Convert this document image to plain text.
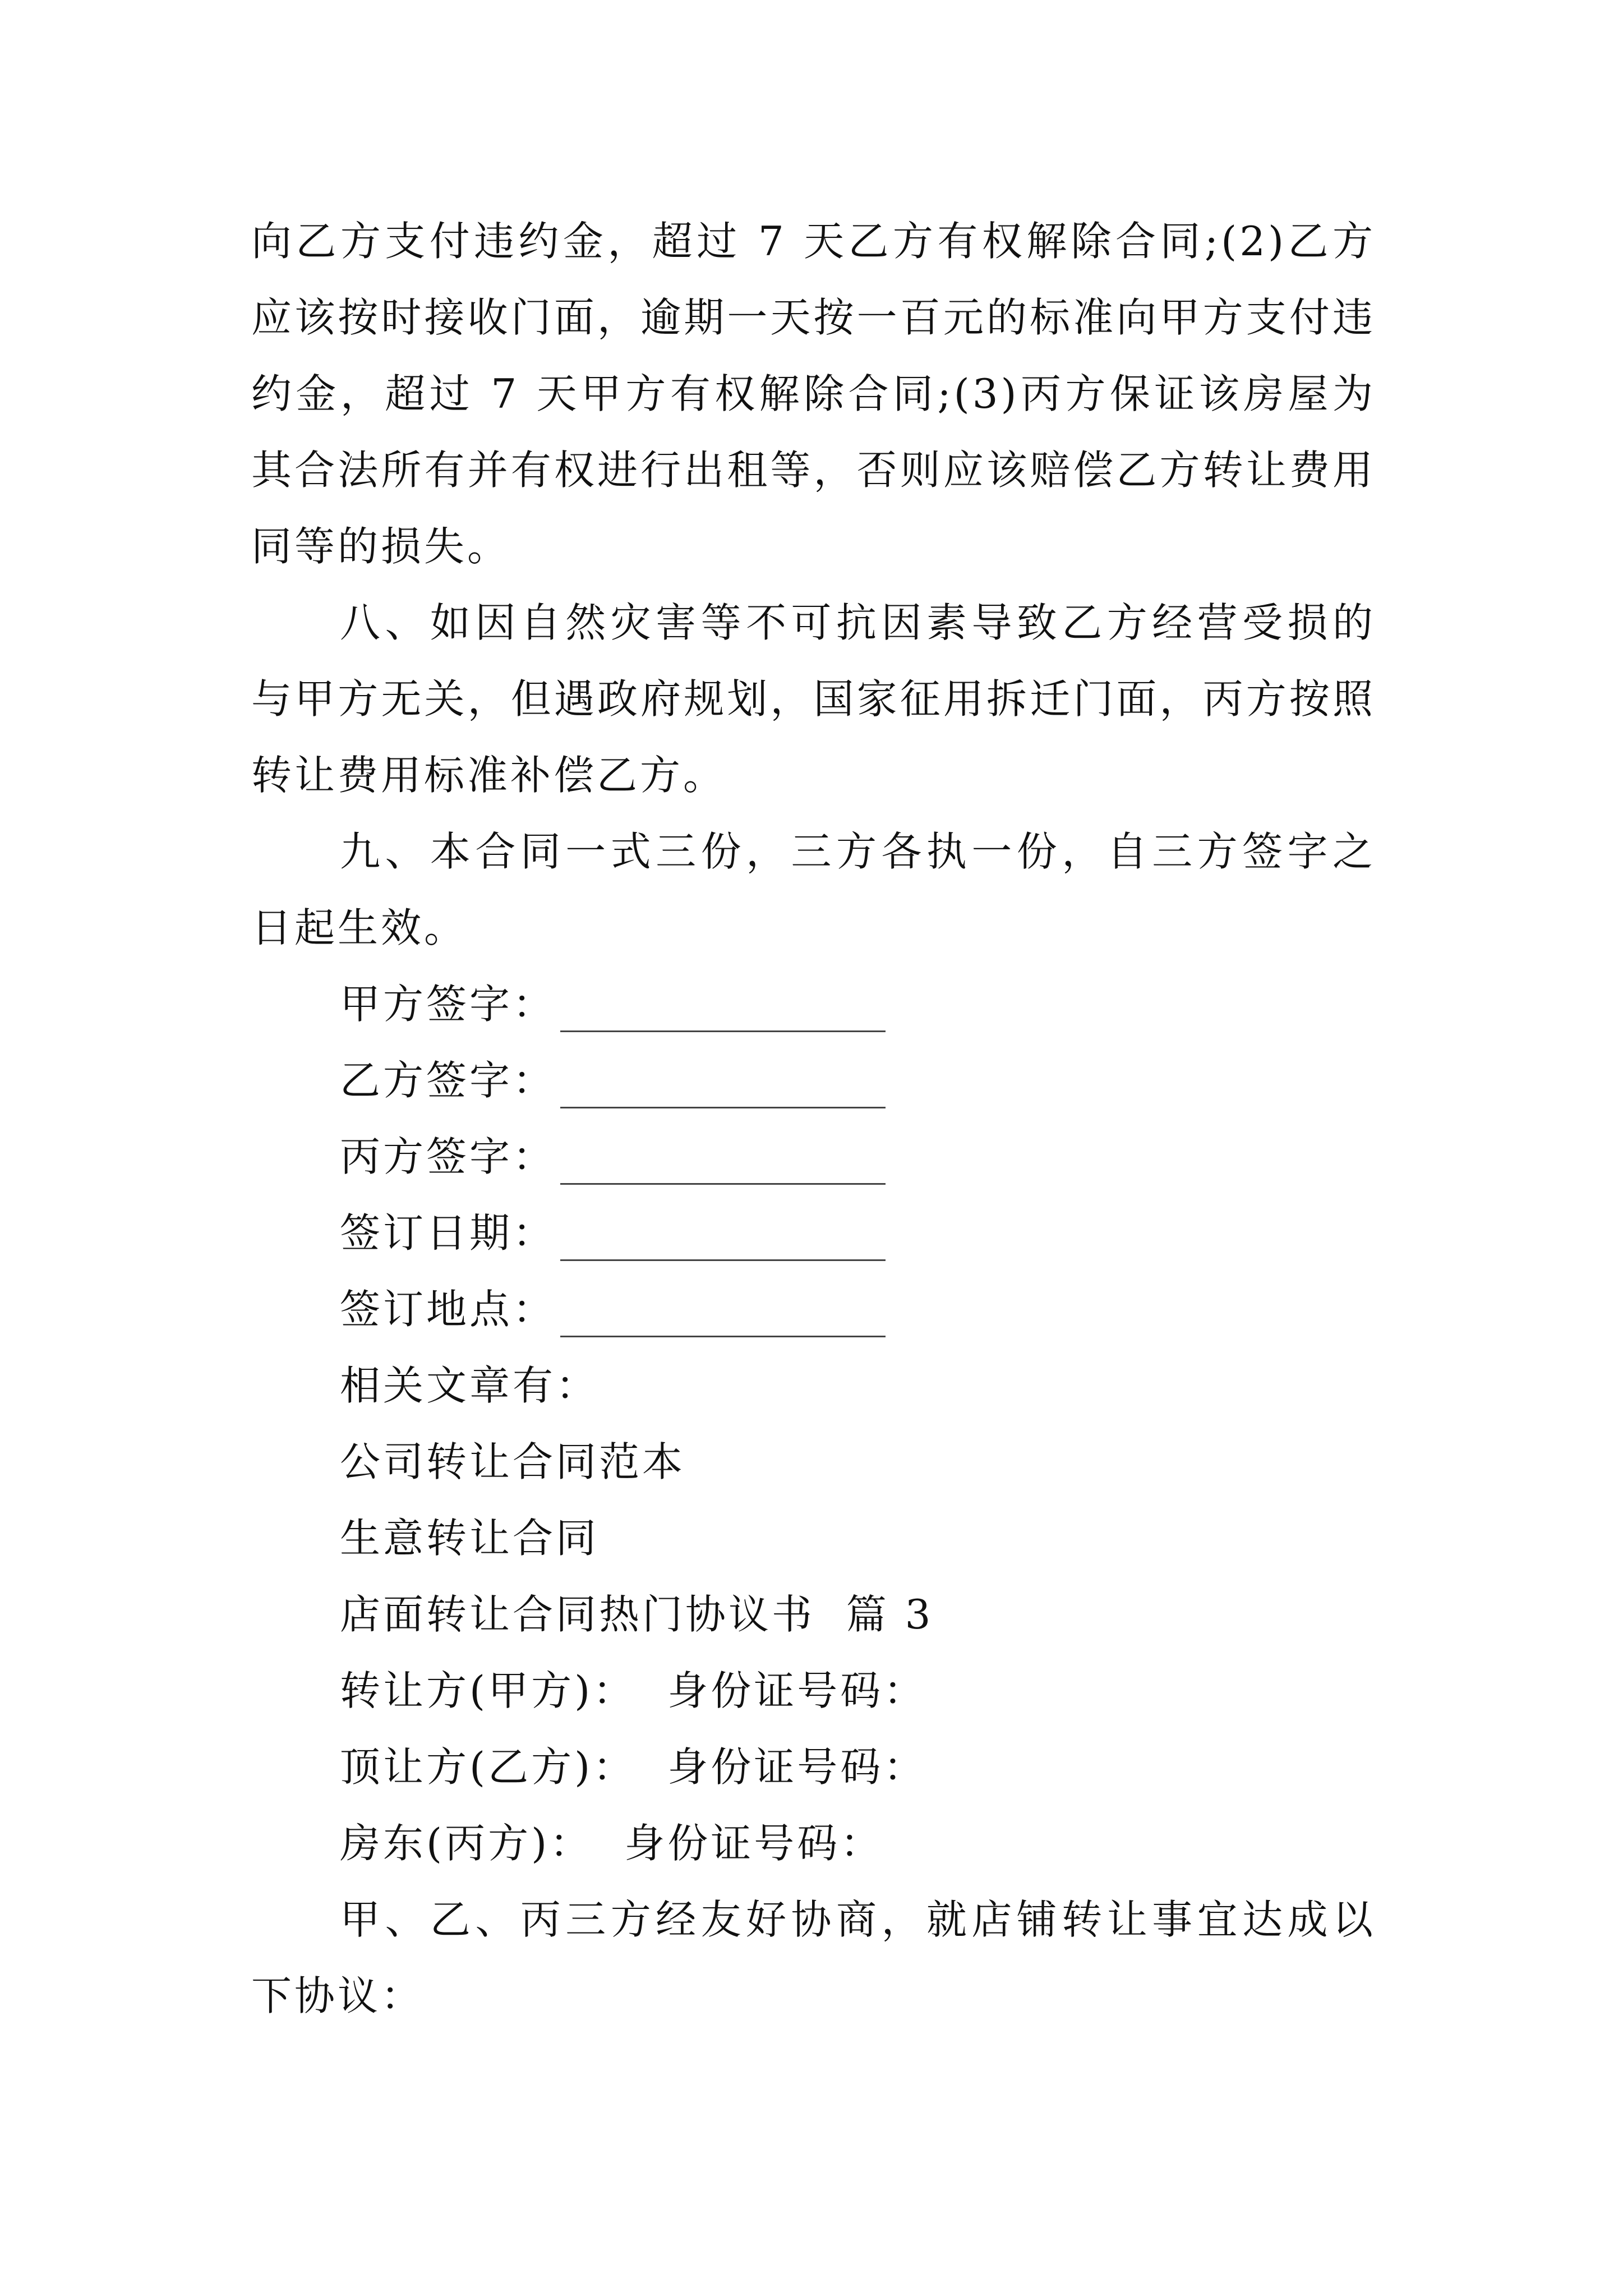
向乙方支付违约金，超过 7 天乙方有权解除合同;(2)乙方应该按时接收门面，逾期一天按一百元的标准向甲方支付违约金，超过 7 天甲方有权解除合同;(3)丙方保证该房屋为其合法所有并有权进行出租等，否则应该赔偿乙方转让费用同等的损失。

八、如因自然灾害等不可抗因素导致乙方经营受损的与甲方无关，但遇政府规划，国家征用拆迁门面，丙方按照转让费用标准补偿乙方。

九、本合同一式三份，三方各执一份，自三方签字之日起生效。

甲方签字：
乙方签字：
丙方签字：
签订日期：
签订地点：

相关文章有：

公司转让合同范本

生意转让合同

店面转让合同热门协议书  篇 3

转让方(甲方)： 身份证号码：
顶让方(乙方)： 身份证号码：
房东(丙方)： 身份证号码：

甲、乙、丙三方经友好协商，就店铺转让事宜达成以下协议：
